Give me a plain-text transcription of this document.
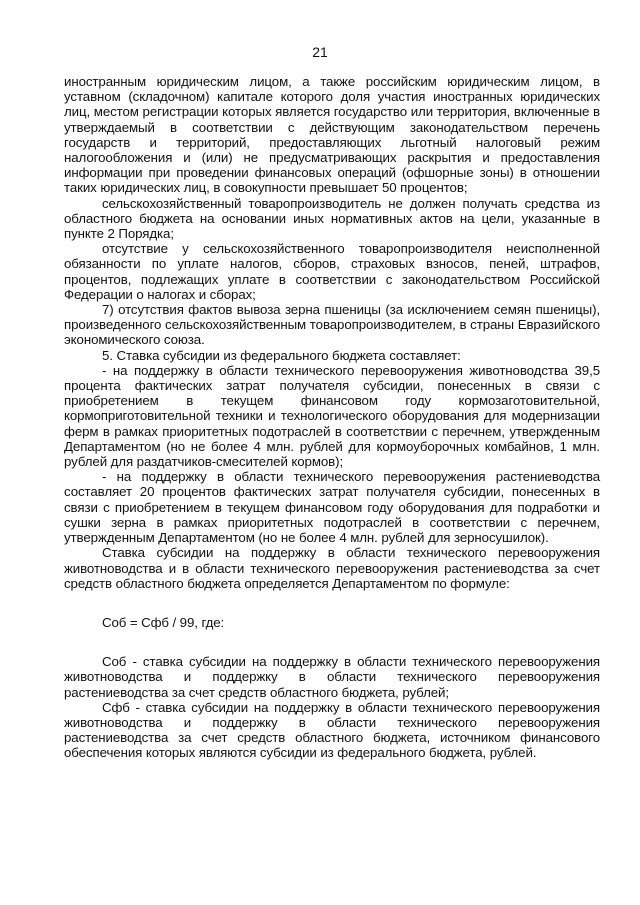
21

иностранным юридическим лицом, а также российским юридическим лицом, в уставном (складочном) капитале которого доля участия иностранных юридических лиц, местом регистрации которых является государство или территория, включенные в утверждаемый в соответствии с действующим законодательством перечень государств и территорий, предоставляющих льготный налоговый режим налогообложения и (или) не предусматривающих раскрытия и предоставления информации при проведении финансовых операций (офшорные зоны) в отношении таких юридических лиц, в совокупности превышает 50 процентов;

сельскохозяйственный товаропроизводитель не должен получать средства из областного бюджета на основании иных нормативных актов на цели, указанные в пункте 2 Порядка;

отсутствие у сельскохозяйственного товаропроизводителя неисполненной обязанности по уплате налогов, сборов, страховых взносов, пеней, штрафов, процентов, подлежащих уплате в соответствии с законодательством Российской Федерации о налогах и сборах;

7) отсутствия фактов вывоза зерна пшеницы (за исключением семян пшеницы), произведенного сельскохозяйственным товаропроизводителем, в страны Евразийского экономического союза.

5. Ставка субсидии из федерального бюджета составляет:

- на поддержку в области технического перевооружения животноводства 39,5 процента фактических затрат получателя субсидии, понесенных в связи с приобретением в текущем финансовом году кормозаготовительной, кормоприготовительной техники и технологического оборудования для модернизации ферм в рамках приоритетных подотраслей в соответствии с перечнем, утвержденным Департаментом (но не более 4 млн. рублей для кормоуборочных комбайнов, 1 млн. рублей для раздатчиков-смесителей кормов);

- на поддержку в области технического перевооружения растениеводства составляет 20 процентов фактических затрат получателя субсидии, понесенных в связи с приобретением в текущем финансовом году оборудования для подработки и сушки зерна в рамках приоритетных подотраслей в соответствии с перечнем, утвержденным Департаментом (но не более 4 млн. рублей для зерносушилок).

Ставка субсидии на поддержку в области технического перевооружения животноводства и в области технического перевооружения растениеводства за счет средств областного бюджета определяется Департаментом по формуле:

Соб = Сфб / 99, где:

Соб - ставка субсидии на поддержку в области технического перевооружения животноводства и поддержку в области технического перевооружения растениеводства за счет средств областного бюджета, рублей;

Сфб - ставка субсидии на поддержку в области технического перевооружения животноводства и поддержку в области технического перевооружения растениеводства за счет средств областного бюджета, источником финансового обеспечения которых являются субсидии из федерального бюджета, рублей.
